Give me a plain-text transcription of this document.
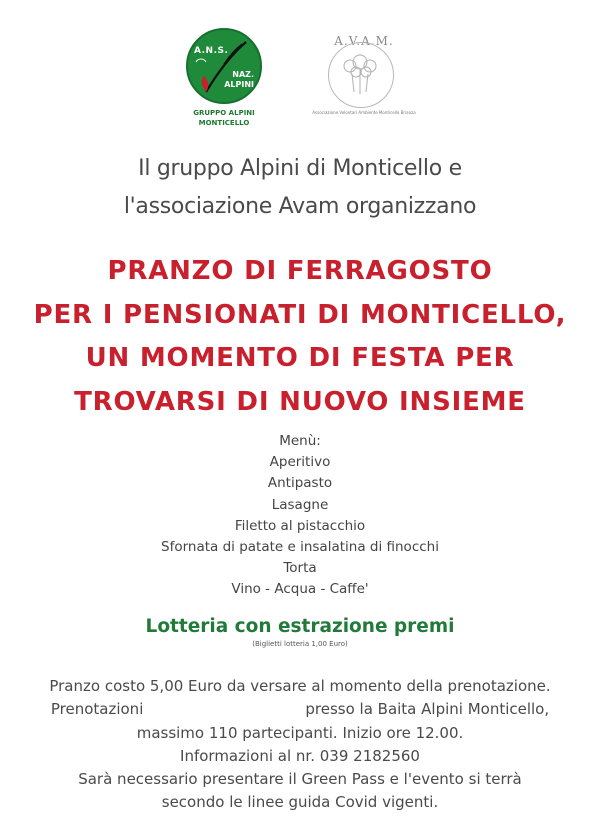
A.N.S.
NAZ.
ALPINI
GRUPPO ALPINI
MONTICELLO
A.V.A.M.
Associazione Volontari Ambiente Monticello Brianza
Il gruppo Alpini di Monticello e
l'associazione Avam organizzano
PRANZO DI FERRAGOSTO
PER I PENSIONATI DI MONTICELLO,
UN MOMENTO DI FESTA PER
TROVARSI DI NUOVO INSIEME
Menù:
Aperitivo
Antipasto
Lasagne
Filetto al pistacchio
Sfornata di patate e insalatina di finocchi
Torta
Vino - Acqua - Caffe'
Lotteria con estrazione premi
(Biglietti lotteria 1,00 Euro)
Pranzo costo 5,00 Euro da versare al momento della prenotazione.
Prenotazioni	presso la Baita Alpini Monticello,
massimo 110 partecipanti. Inizio ore 12.00.
Informazioni al nr. 039 2182560
Sarà necessario presentare il Green Pass e l'evento si terrà
secondo le linee guida Covid vigenti.
